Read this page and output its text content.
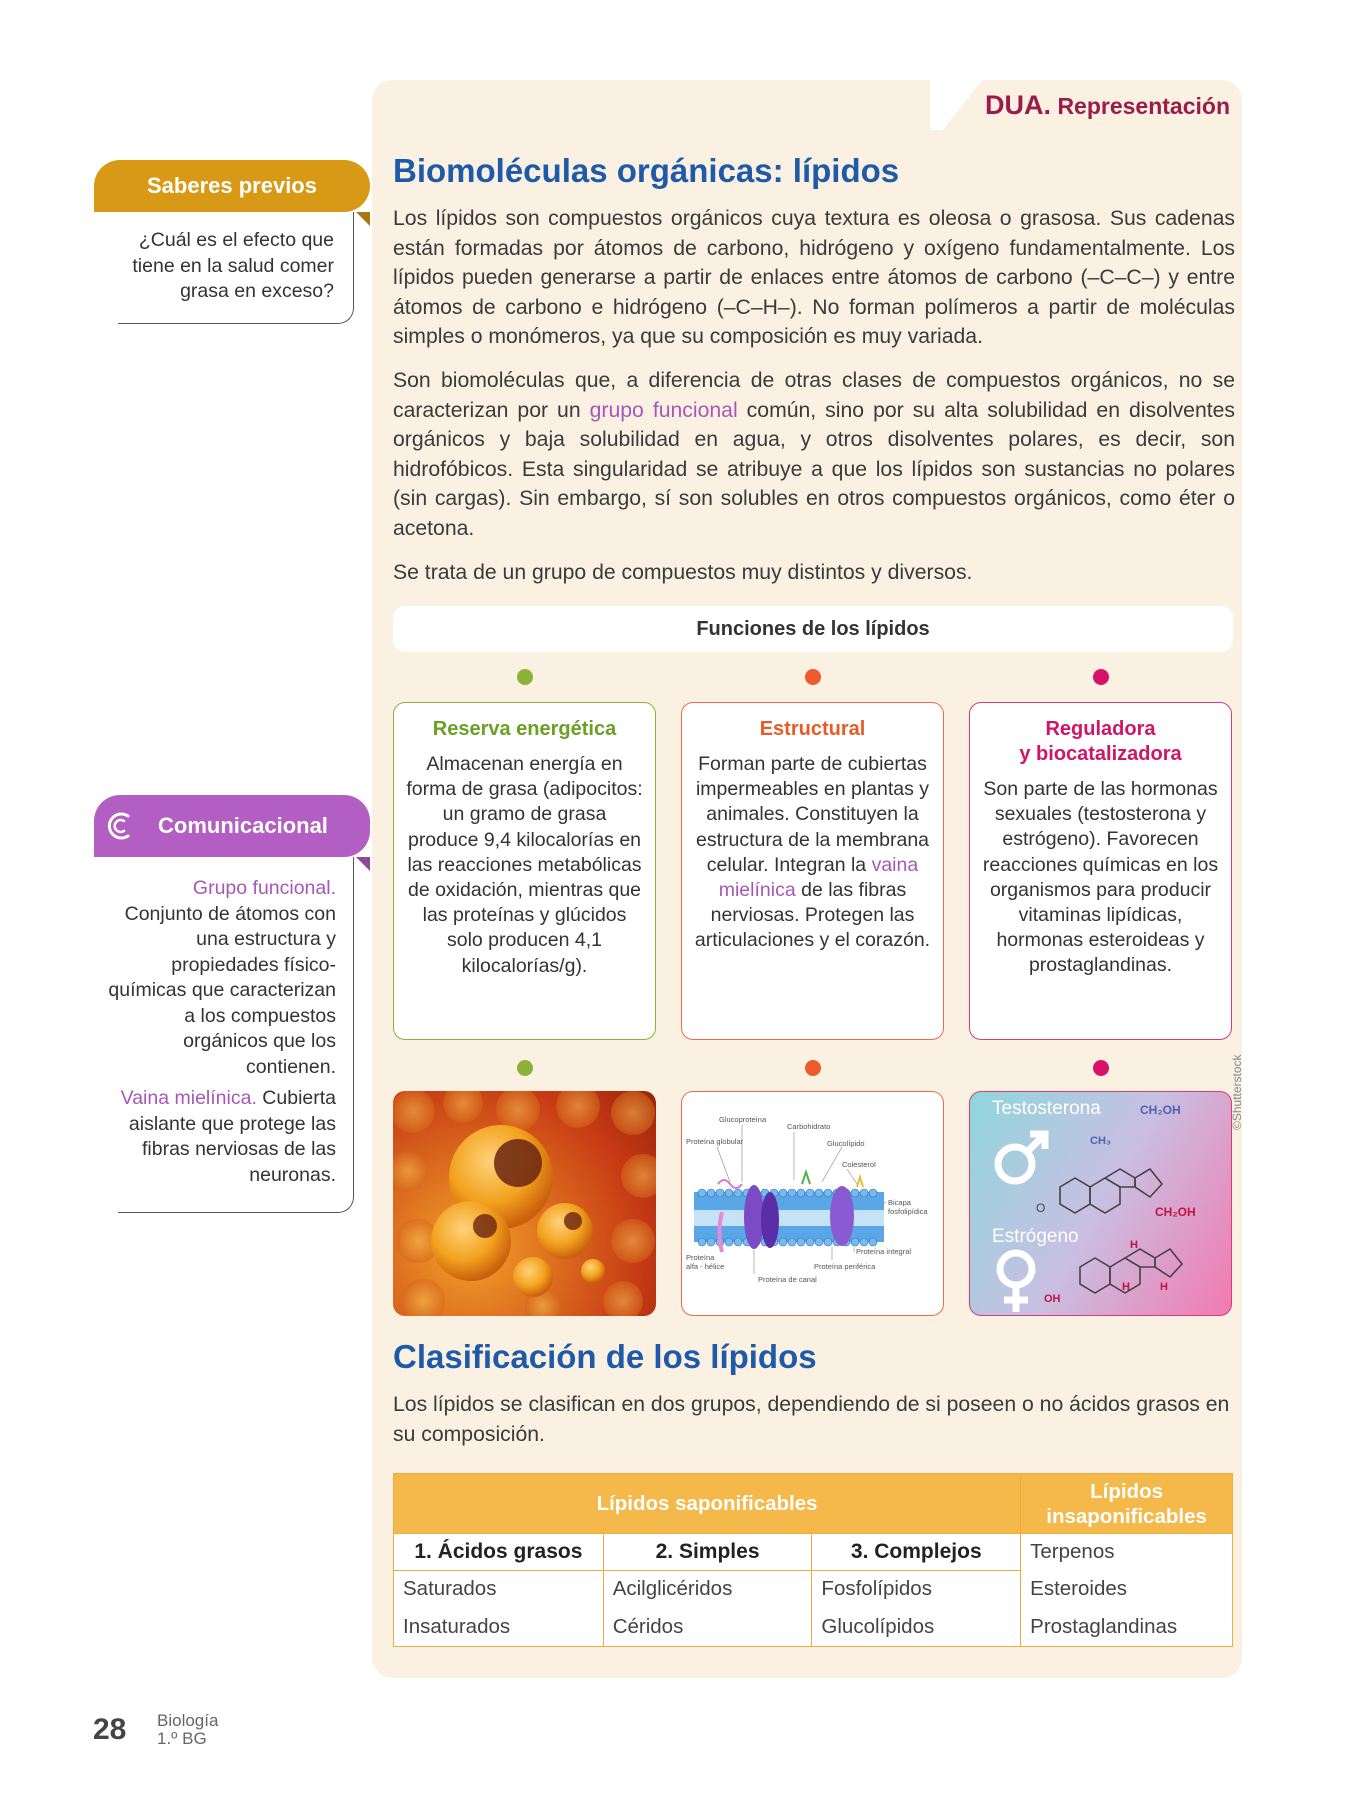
DUA. Representación
Saberes previos
¿Cuál es el efecto que tiene en la salud comer grasa en exceso?
Comunicacional

Grupo funcional.
Conjunto de átomos con una estructura y propiedades físico-químicas que caracterizan a los compuestos orgánicos que los contienen.

Vaina mielínica. Cubierta aislante que protege las fibras nerviosas de las neuronas.

Biomoléculas orgánicas: lípidos
Los lípidos son compuestos orgánicos cuya textura es oleosa o grasosa. Sus cadenas están formadas por átomos de carbono, hidrógeno y oxígeno fundamentalmente. Los lípidos pueden generarse a partir de enlaces entre átomos de carbono (–C–C–) y entre átomos de carbono e hidrógeno (–C–H–). No forman polímeros a partir de moléculas simples o monómeros, ya que su composición es muy variada.
Son biomoléculas que, a diferencia de otras clases de compuestos orgánicos, no se caracterizan por un grupo funcional común, sino por su alta solubilidad en disolventes orgánicos y baja solubilidad en agua, y otros disolventes polares, es decir, son hidrofóbicos. Esta singularidad se atribuye a que los lípidos son sustancias no polares (sin cargas). Sin embargo, sí son solubles en otros compuestos orgánicos, como éter o acetona.
Se trata de un grupo de compuestos muy distintos y diversos.
Funciones de los lípidos
Reserva energética
Almacenan energía en forma de grasa (adipocitos: un gramo de grasa produce 9,4 kilocalorías en las reacciones metabólicas de oxidación, mientras que las proteínas y glúcidos solo producen 4,1 kilocalorías/g).
Estructural
Forman parte de cubiertas impermeables en plantas y animales. Constituyen la estructura de la membrana celular. Integran la vaina mielínica de las fibras nerviosas. Protegen las articulaciones y el corazón.
Reguladora
y biocatalizadora
Son parte de las hormonas sexuales (testosterona y estrógeno). Favorecen reacciones químicas en los organismos para producir vitaminas lipídicas, hormonas esteroideas y prostaglandinas.
Glucoproteína
Carbohidrato
Proteína globular	Glucolípido
Colesterol
Bicapa
fosfolipídica
Proteína integral
Proteína
alfa - hélice	Proteína periférica
Proteína de canal
Testosterona
Estrógeno
CH₂OH
CH₃
O	CH₂OH
H
H	H
OH
©Shutterstock
Clasificación de los lípidos
Los lípidos se clasifican en dos grupos, dependiendo de si poseen o no ácidos grasos en su composición.
Lípidos saponificables			Lípidos
insaponificables
1. Ácidos grasos	2. Simples	3. Complejos	Terpenos
Saturados	Acilglicéridos	Fosfolípidos	Esteroides
Insaturados	Céridos	Glucolípidos	Prostaglandinas
28 Biología
1.º BG
